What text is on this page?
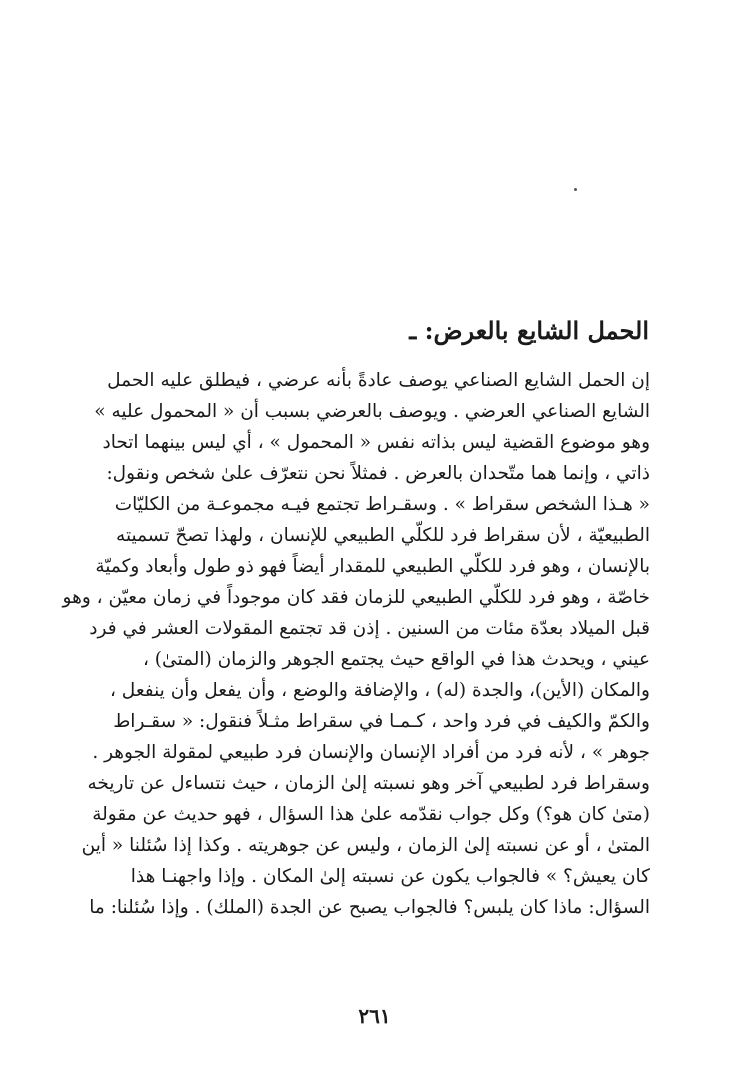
الحمل الشايع بالعرض: ـ
إن الحمل الشايع الصناعي يوصف عادةً بأنه عرضي ، فيطلق عليه الحمل
الشايع الصناعي العرضي . ويوصف بالعرضي بسبب أن « المحمول عليه »
وهو موضوع القضية ليس بذاته نفس « المحمول » ، أي ليس بينهما اتحاد
ذاتي ، وإنما هما متّحدان بالعرض . فمثلاً نحن نتعرّف علىٰ شخص ونقول:
« هـذا الشخص سقراط » . وسقـراط تجتمع فيـه مجموعـة من الكليّات
الطبيعيّة ، لأن سقراط فرد للكلّي الطبيعي للإنسان ، ولهذا تصحّ تسميته
بالإنسان ، وهو فرد للكلّي الطبيعي للمقدار أيضاً فهو ذو طول وأبعاد وكميّة
خاصّة ، وهو فرد للكلّي الطبيعي للزمان فقد كان موجوداً في زمان معيّن ، وهو
قبل الميلاد بعدّة مئات من السنين . إذن قد تجتمع المقولات العشر في فرد
عيني ، ويحدث هذا في الواقع حيث يجتمع الجوهر والزمان (المتىٰ) ،
والمكان (الأين)، والجدة (له) ، والإضافة والوضع ، وأن يفعل وأن ينفعل ،
والكمّ والكيف في فرد واحد ، كـمـا في سقراط مثـلاً فنقول: « سقـراط
جوهر » ، لأنه فرد من أفراد الإنسان والإنسان فرد طبيعي لمقولة الجوهر .
وسقراط فرد لطبيعي آخر وهو نسبته إلىٰ الزمان ، حيث نتساءل عن تاريخه
(متىٰ كان هو؟) وكل جواب نقدّمه علىٰ هذا السؤال ، فهو حديث عن مقولة
المتىٰ ، أو عن نسبته إلىٰ الزمان ، وليس عن جوهريته . وكذا إذا سُئلنا « أين
كان يعيش؟ » فالجواب يكون عن نسبته إلىٰ المكان . وإذا واجهنـا هذا
السؤال: ماذا كان يلبس؟ فالجواب يصبح عن الجدة (الملك) . وإذا سُئلنا: ما
٢٦١
